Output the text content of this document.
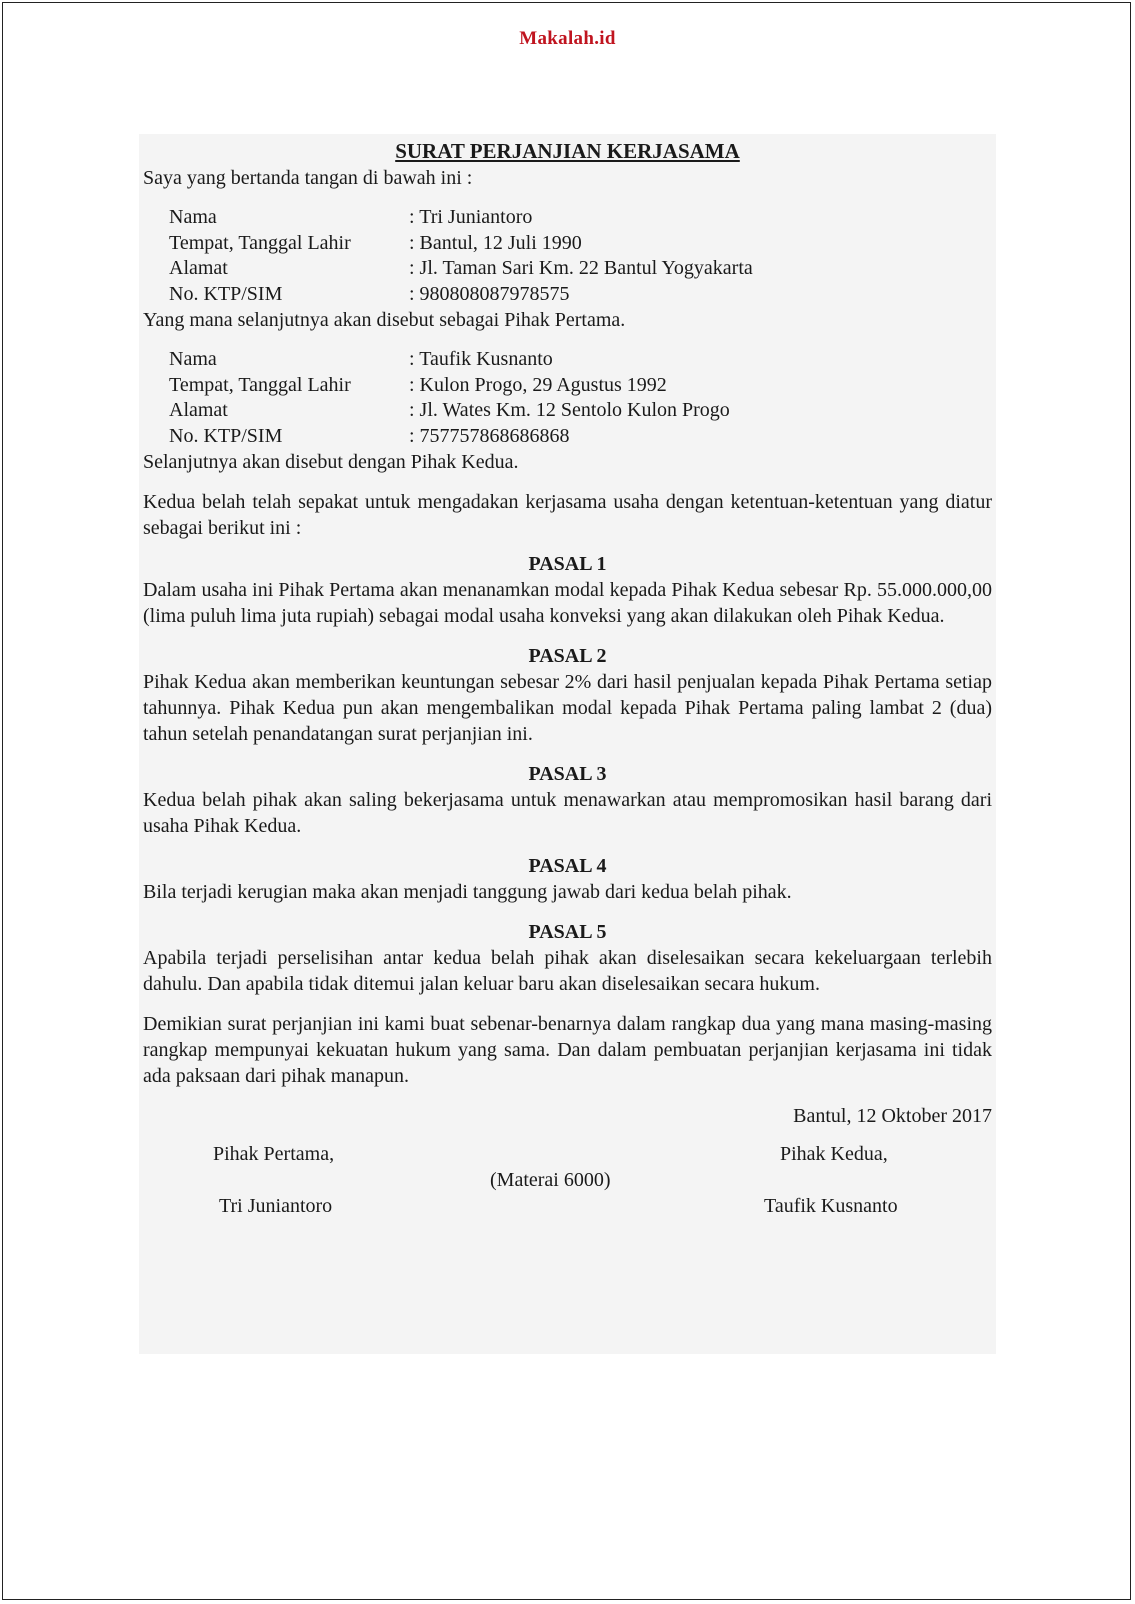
Makalah.id

SURAT PERJANJIAN KERJASAMA

Saya yang bertanda tangan di bawah ini :

Nama	: Tri Juniantoro
Tempat, Tanggal Lahir	: Bantul, 12 Juli 1990
Alamat	: Jl. Taman Sari Km. 22 Bantul Yogyakarta
No. KTP/SIM	: 980808087978575

Yang mana selanjutnya akan disebut sebagai Pihak Pertama.

Nama	: Taufik Kusnanto
Tempat, Tanggal Lahir	: Kulon Progo, 29 Agustus 1992
Alamat	: Jl. Wates Km. 12 Sentolo Kulon Progo
No. KTP/SIM	: 757757868686868

Selanjutnya akan disebut dengan Pihak Kedua.

Kedua belah telah sepakat untuk mengadakan kerjasama usaha dengan ketentuan-ketentuan yang diatur sebagai berikut ini :

PASAL 1

Dalam usaha ini Pihak Pertama akan menanamkan modal kepada Pihak Kedua sebesar Rp. 55.000.000,00 (lima puluh lima juta rupiah) sebagai modal usaha konveksi yang akan dilakukan oleh Pihak Kedua.

PASAL 2

Pihak Kedua akan memberikan keuntungan sebesar 2% dari hasil penjualan kepada Pihak Pertama setiap tahunnya. Pihak Kedua pun akan mengembalikan modal kepada Pihak Pertama paling lambat 2 (dua) tahun setelah penandatangan surat perjanjian ini.

PASAL 3

Kedua belah pihak akan saling bekerjasama untuk menawarkan atau mempromosikan hasil barang dari usaha Pihak Kedua.

PASAL 4

Bila terjadi kerugian maka akan menjadi tanggung jawab dari kedua belah pihak.

PASAL 5

Apabila terjadi perselisihan antar kedua belah pihak akan diselesaikan secara kekeluargaan terlebih dahulu. Dan apabila tidak ditemui jalan keluar baru akan diselesaikan secara hukum.

Demikian surat perjanjian ini kami buat sebenar-benarnya dalam rangkap dua yang mana masing-masing rangkap mempunyai kekuatan hukum yang sama. Dan dalam pembuatan perjanjian kerjasama ini tidak ada paksaan dari pihak manapun.

Bantul, 12 Oktober 2017

Pihak Pertama,	Pihak Kedua,
(Materai 6000)
Tri Juniantoro	Taufik Kusnanto
